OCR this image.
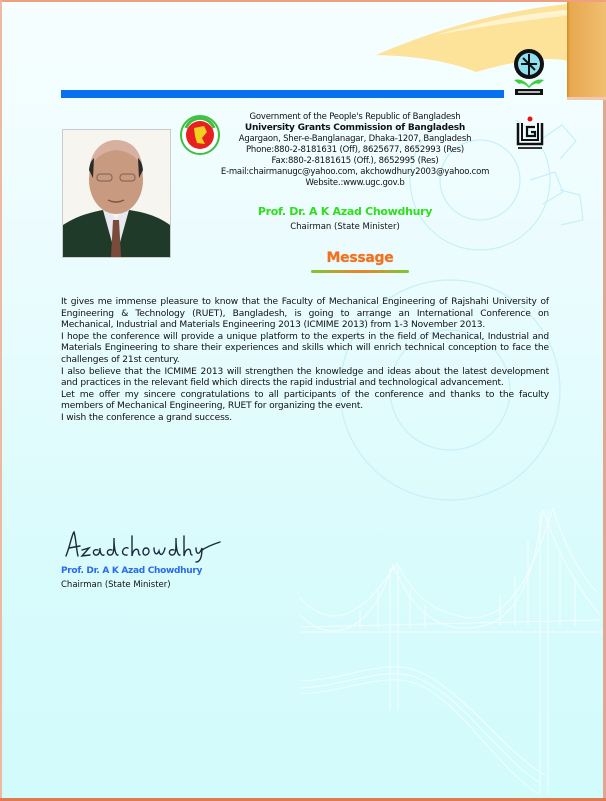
Government of the People's Republic of Bangladesh
University Grants Commission of Bangladesh
Agargaon, Sher-e-Banglanagar, Dhaka-1207, Bangladesh
Phone:880-2-8181631 (Off), 8625677, 8652993 (Res)
Fax:880-2-8181615 (Off.), 8652995 (Res)
E-mail:chairmanugc@yahoo.com, akchowdhury2003@yahoo.com
Website.:www.ugc.gov.b
Prof. Dr. A K Azad Chowdhury
Chairman (State Minister)
Message

It gives me immense pleasure to know that the Faculty of Mechanical Engineering of Rajshahi University of Engineering & Technology (RUET), Bangladesh, is going to arrange an International Conference on Mechanical, Industrial and Materials Engineering 2013 (ICMIME 2013) from 1-3 November 2013.

I hope the conference will provide a unique platform to the experts in the field of Mechanical, Industrial and Materials Engineering to share their experiences and skills which will enrich technical conception to face the challenges of 21st century.

I also believe that the ICMIME 2013 will strengthen the knowledge and ideas about the latest development and practices in the relevant field which directs the rapid industrial and technological advancement.

Let me offer my sincere congratulations to all participants of the conference and thanks to the faculty members of Mechanical Engineering, RUET for organizing the event.

I wish the conference a grand success.

Prof. Dr. A K Azad Chowdhury
Chairman (State Minister)
